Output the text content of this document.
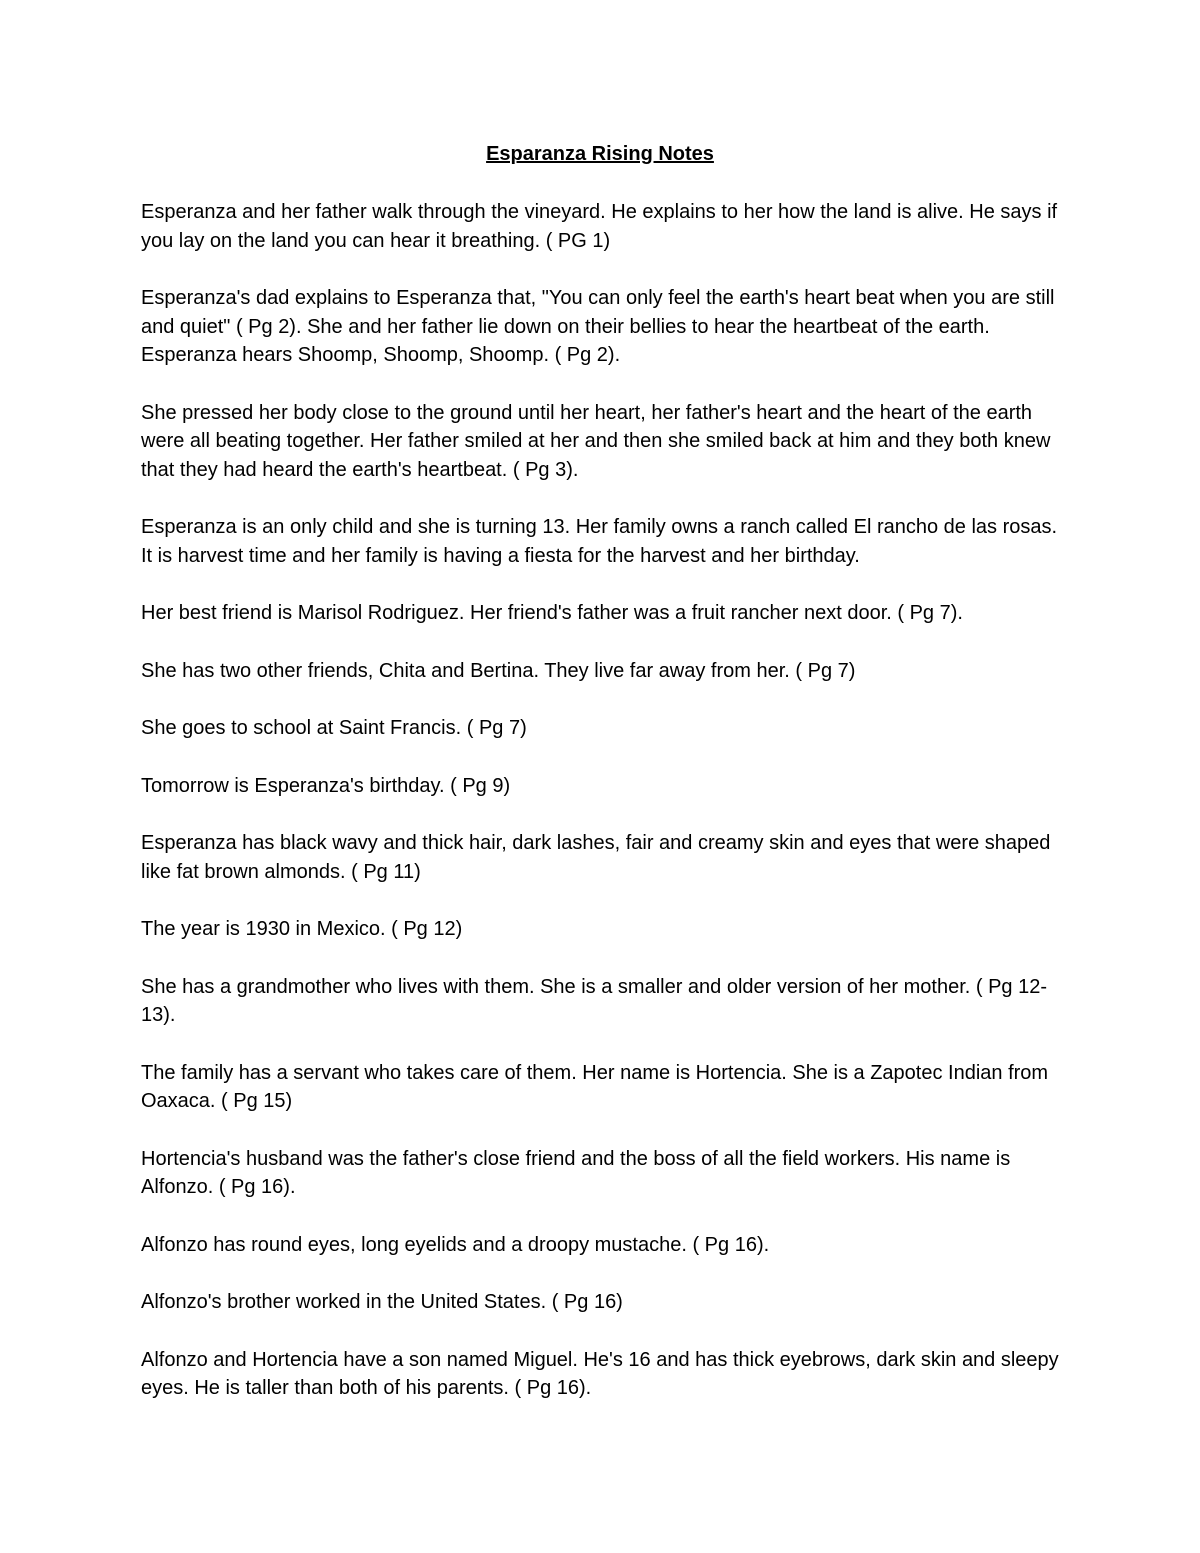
Esparanza Rising Notes

Esperanza and her father walk through the vineyard. He explains to her how the land is alive. He says if you lay on the land you can hear it breathing. ( PG 1)

Esperanza's dad explains to Esperanza that, "You can only feel the earth's heart beat when you are still and quiet" ( Pg 2). She and her father lie down on their bellies to hear the heartbeat of the earth. Esperanza hears Shoomp, Shoomp, Shoomp. ( Pg 2).

She pressed her body close to the ground until her heart, her father's heart and the heart of the earth were all beating together. Her father smiled at her and then she smiled back at him and they both knew that they had heard the earth's heartbeat. ( Pg 3).

Esperanza is an only child and she is turning 13. Her family owns a ranch called El rancho de las rosas. It is harvest time and her family is having a fiesta for the harvest and her birthday.

Her best friend is Marisol Rodriguez. Her friend's father was a fruit rancher next door. ( Pg 7).

She has two other friends, Chita and Bertina. They live far away from her. ( Pg 7)

She goes to school at Saint Francis. ( Pg 7)

Tomorrow is Esperanza's birthday. ( Pg 9)

Esperanza has black wavy and thick hair, dark lashes, fair and creamy skin and eyes that were shaped like fat brown almonds. ( Pg 11)

The year is 1930 in Mexico. ( Pg 12)

She has a grandmother who lives with them. She is a smaller and older version of her mother. ( Pg 12-13).

The family has a servant who takes care of them. Her name is Hortencia. She is a Zapotec Indian from Oaxaca. ( Pg 15)

Hortencia's husband was the father's close friend and the boss of all the field workers. His name is Alfonzo. ( Pg 16).

Alfonzo has round eyes, long eyelids and a droopy mustache. ( Pg 16).

Alfonzo's brother worked in the United States. ( Pg 16)

Alfonzo and Hortencia have a son named Miguel. He's 16 and has thick eyebrows, dark skin and sleepy eyes. He is taller than both of his parents. ( Pg 16).
